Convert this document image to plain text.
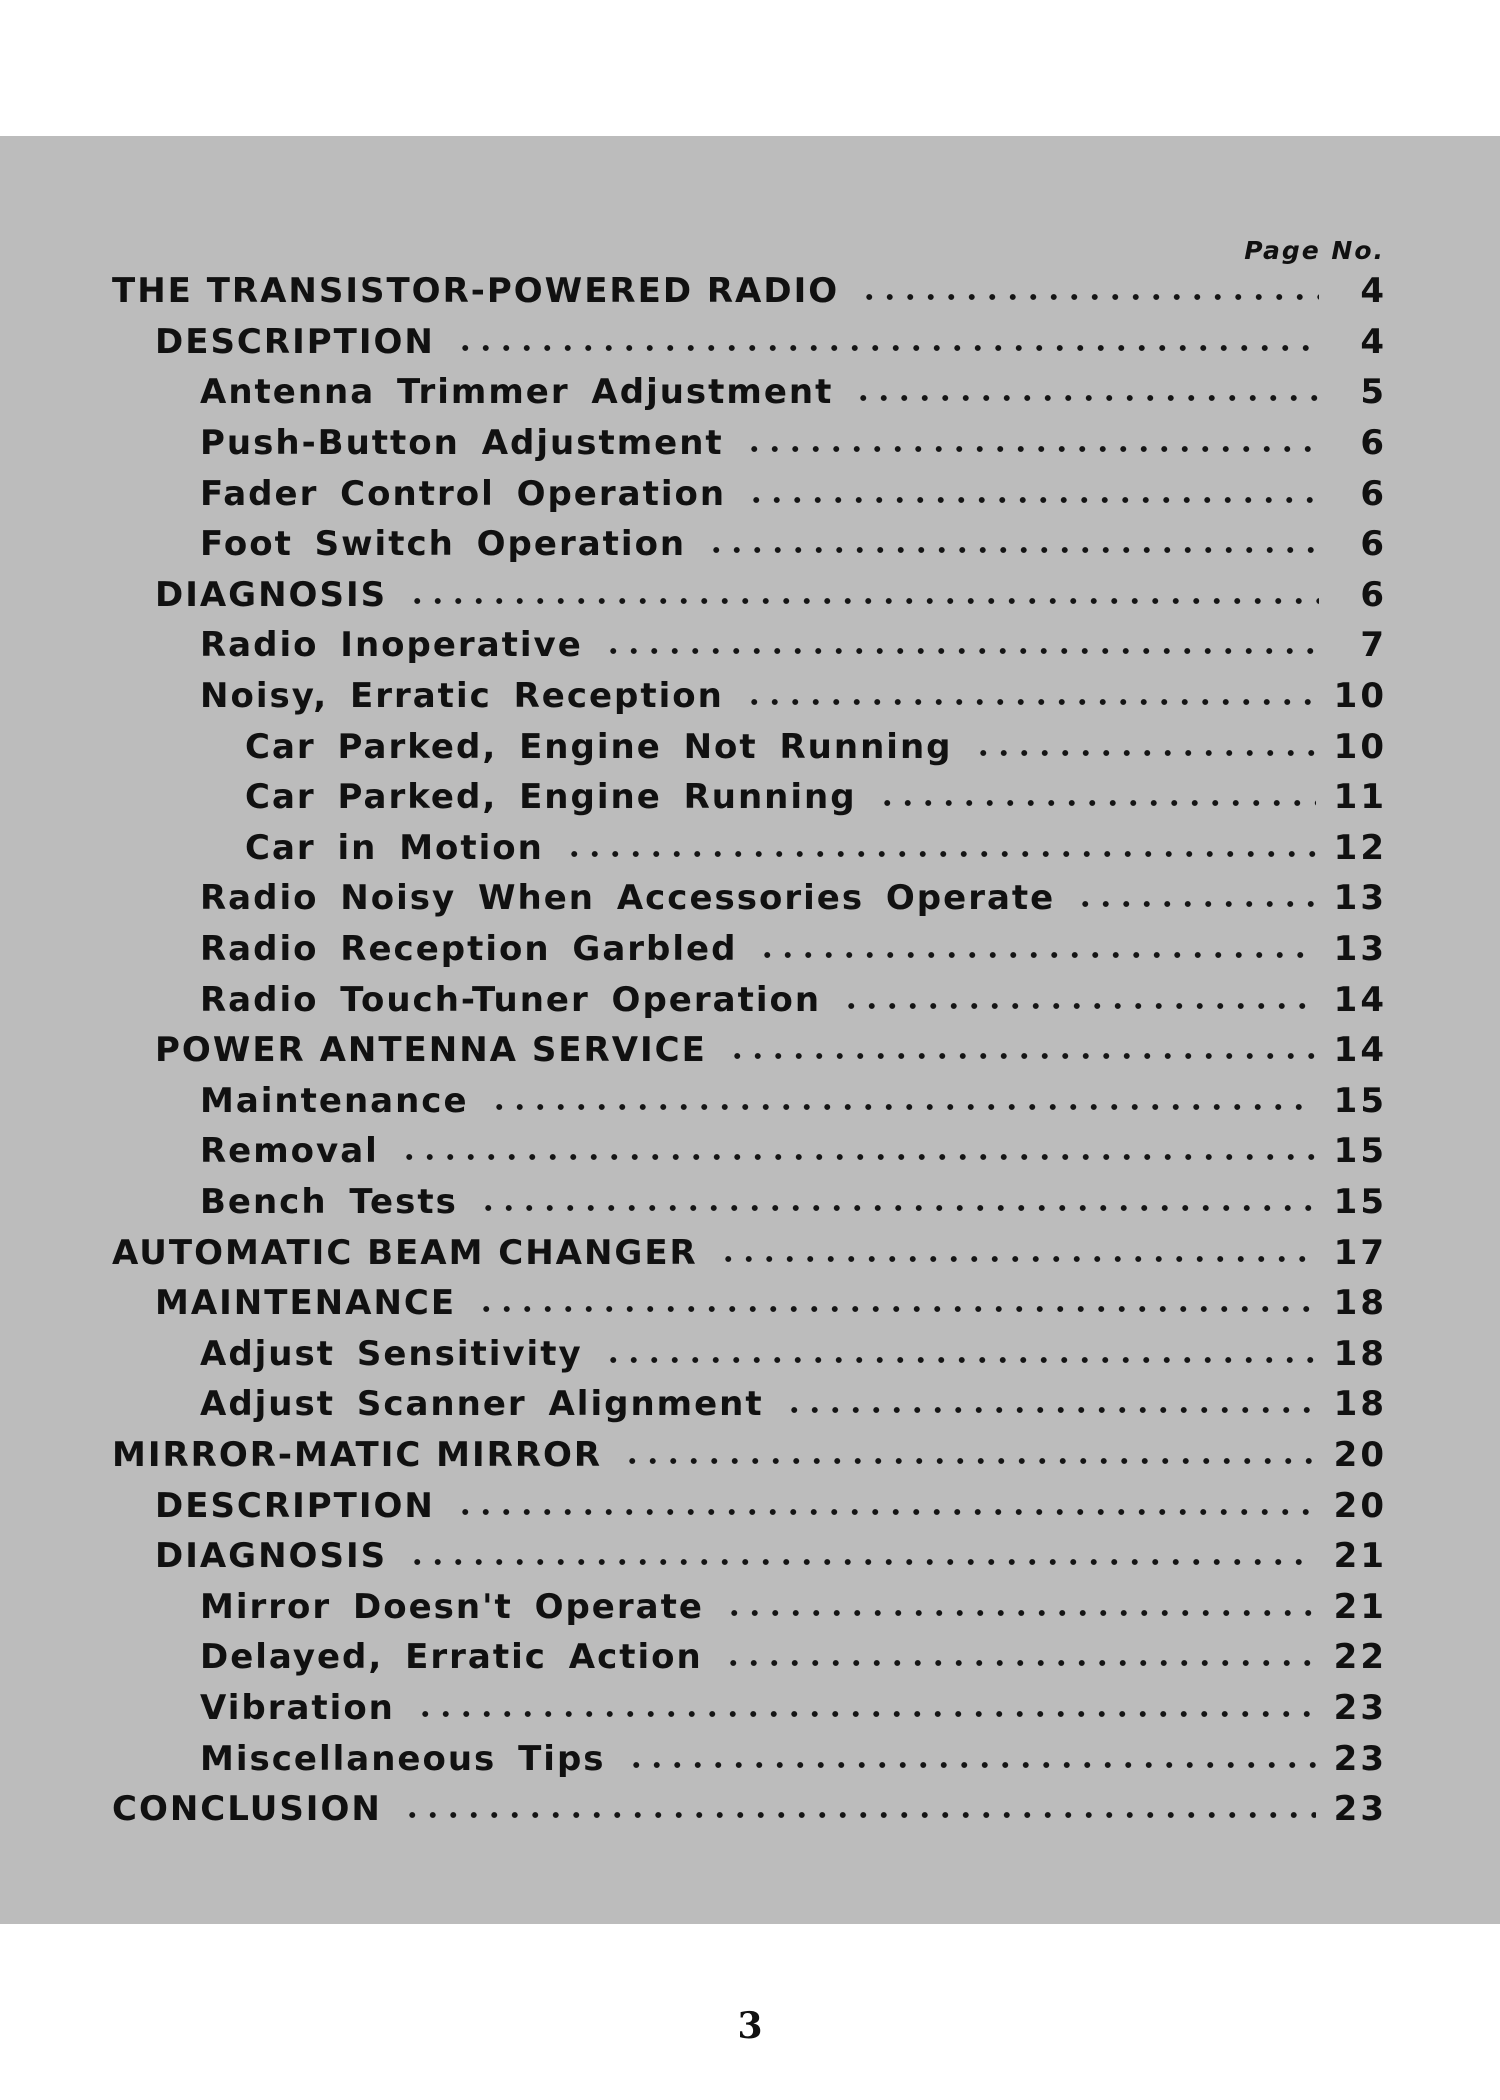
Page No.
THE TRANSISTOR-POWERED RADIO	4
DESCRIPTION	4
Antenna Trimmer Adjustment	5
Push-Button Adjustment	6
Fader Control Operation	6
Foot Switch Operation	6
DIAGNOSIS	6
Radio Inoperative	7
Noisy, Erratic Reception	10
Car Parked, Engine Not Running	10
Car Parked, Engine Running	11
Car in Motion	12
Radio Noisy When Accessories Operate	13
Radio Reception Garbled	13
Radio Touch-Tuner Operation	14
POWER ANTENNA SERVICE	14
Maintenance	15
Removal	15
Bench Tests	15
AUTOMATIC BEAM CHANGER	17
MAINTENANCE	18
Adjust Sensitivity	18
Adjust Scanner Alignment	18
MIRROR-MATIC MIRROR	20
DESCRIPTION	20
DIAGNOSIS	21
Mirror Doesn't Operate	21
Delayed, Erratic Action	22
Vibration	23
Miscellaneous Tips	23
CONCLUSION	23
3
